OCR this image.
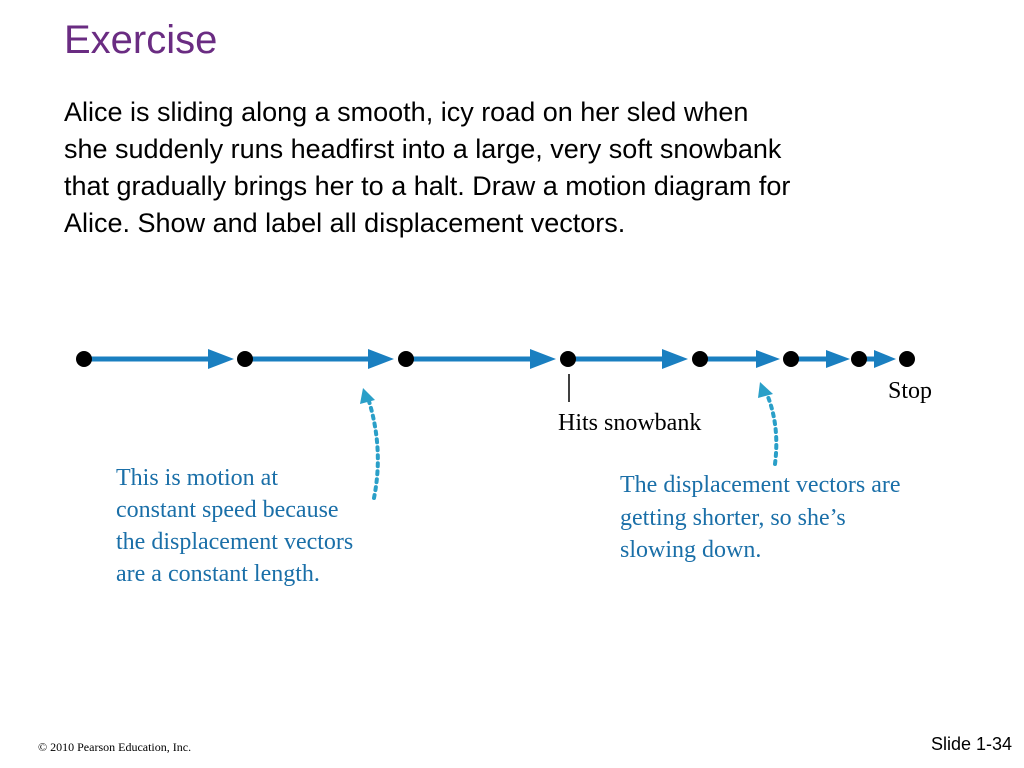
Exercise

Alice is sliding along a smooth, icy road on her sled when
she suddenly runs headfirst into a large, very soft snowbank
that gradually brings her to a halt. Draw a motion diagram for
Alice. Show and label all displacement vectors.

Hits snowbank
Stop
This is motion at constant speed because the displacement vectors are a constant length.
The displacement vectors are getting shorter, so she’s slowing down.
© 2010 Pearson Education, Inc.	Slide 1-34
